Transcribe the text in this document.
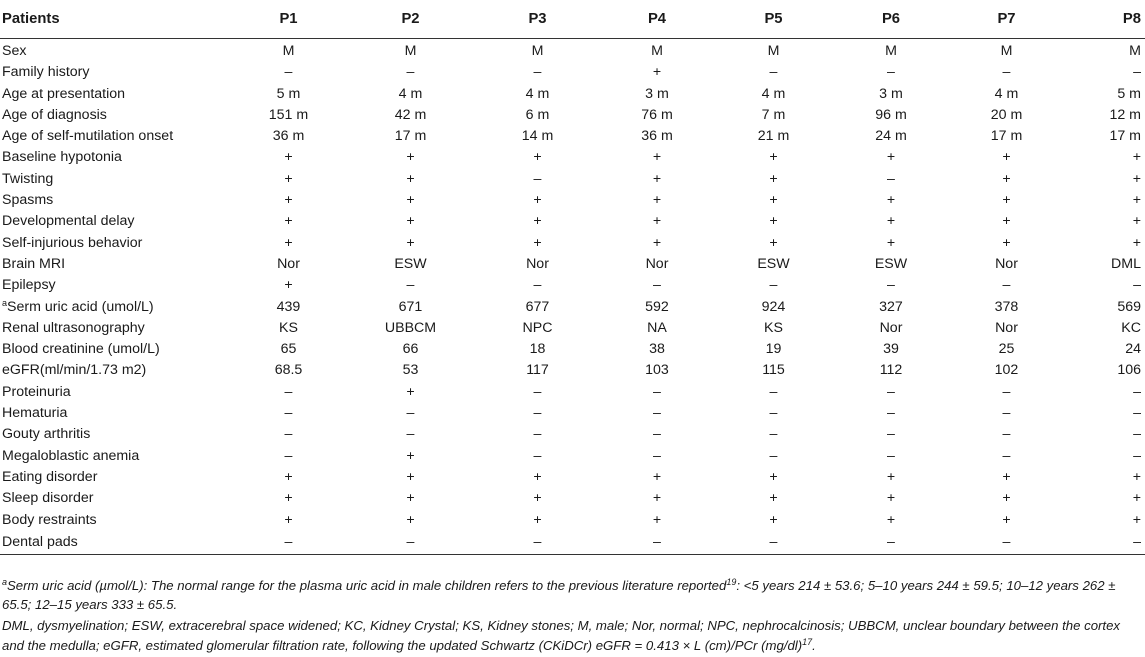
Patients	P1	P2	P3	P4	P5	P6	P7	P8
Sex	M	M	M	M	M	M	M	M
Family history	–	–	–	+	–	–	–	–
Age at presentation	5 m	4 m	4 m	3 m	4 m	3 m	4 m	5 m
Age of diagnosis	151 m	42 m	6 m	76 m	7 m	96 m	20 m	12 m
Age of self-mutilation onset	36 m	17 m	14 m	36 m	21 m	24 m	17 m	17 m
Baseline hypotonia	+	+	+	+	+	+	+	+
Twisting	+	+	–	+	+	–	+	+
Spasms	+	+	+	+	+	+	+	+
Developmental delay	+	+	+	+	+	+	+	+
Self-injurious behavior	+	+	+	+	+	+	+	+
Brain MRI	Nor	ESW	Nor	Nor	ESW	ESW	Nor	DML
Epilepsy	+	–	–	–	–	–	–	–
$^a$Serm uric acid (umol/L)	439	671	677	592	924	327	378	569
Renal ultrasonography	KS	UBBCM	NPC	NA	KS	Nor	Nor	KC
Blood creatinine (umol/L)	65	66	18	38	19	39	25	24
eGFR(ml/min/1.73 m2)	68.5	53	117	103	115	112	102	106
Proteinuria	–	+	–	–	–	–	–	–
Hematuria	–	–	–	–	–	–	–	–
Gouty arthritis	–	–	–	–	–	–	–	–
Megaloblastic anemia	–	+	–	–	–	–	–	–
Eating disorder	+	+	+	+	+	+	+	+
Sleep disorder	+	+	+	+	+	+	+	+
Body restraints	+	+	+	+	+	+	+	+
Dental pads	–	–	–	–	–	–	–	–

$^a$Serm uric acid (µmol/L): The normal range for the plasma uric acid in male children refers to the previous literature reported$^{19}$: <5 years 214 ± 53.6; 5–10 years 244 ± 59.5; 10–12 years 262 ± 65.5; 12–15 years 333 ± 65.5.

DML, dysmyelination; ESW, extracerebral space widened; KC, Kidney Crystal; KS, Kidney stones; M, male; Nor, normal; NPC, nephrocalcinosis; UBBCM, unclear boundary between the cortex and the medulla; eGFR, estimated glomerular filtration rate, following the updated Schwartz (CKiDCr) eGFR = 0.413 × L (cm)/PCr $(mg/dl)^{17}$.
